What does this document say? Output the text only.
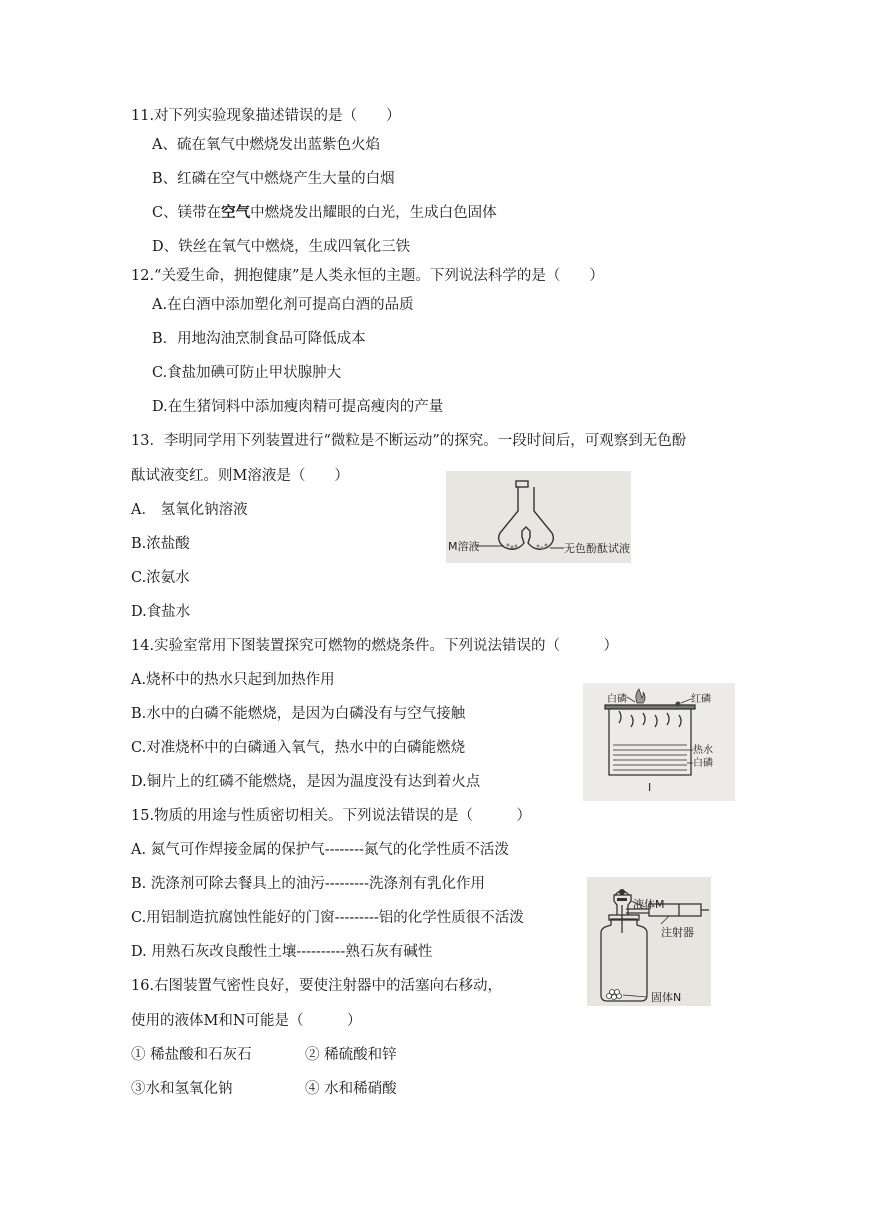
11.对下列实验现象描述错误的是（　　）
A、硫在氧气中燃烧发出蓝紫色火焰
B、红磷在空气中燃烧产生大量的白烟
C、镁带在空气中燃烧发出耀眼的白光，生成白色固体
D、铁丝在氧气中燃烧，生成四氧化三铁
12.“关爱生命，拥抱健康”是人类永恒的主题。下列说法科学的是（　　）
A.在白酒中添加塑化剂可提高白酒的品质
B．用地沟油烹制食品可降低成本
C.食盐加碘可防止甲状腺肿大
D.在生猪饲料中添加瘦肉精可提高瘦肉的产量
13．李明同学用下列装置进行“微粒是不断运动”的探究。一段时间后，可观察到无色酚
酞试液变红。则M溶液是（　　）
A． 氢氧化钠溶液
B.浓盐酸
C.浓氨水
D.食盐水
M溶液	无色酚酞试液
14.实验室常用下图装置探究可燃物的燃烧条件。下列说法错误的（　　　）
A.烧杯中的热水只起到加热作用
B.水中的白磷不能燃烧，是因为白磷没有与空气接触
C.对准烧杯中的白磷通入氧气，热水中的白磷能燃烧
D.铜片上的红磷不能燃烧，是因为温度没有达到着火点
白磷	红磷
热水
白磷
I
15.物质的用途与性质密切相关。下列说法错误的是（　　　）
A. 氮气可作焊接金属的保护气--------氮气的化学性质不活泼
B. 洗涤剂可除去餐具上的油污---------洗涤剂有乳化作用
C.用铝制造抗腐蚀性能好的门窗---------铝的化学性质很不活泼
D. 用熟石灰改良酸性土壤----------熟石灰有碱性
16.右图装置气密性良好，要使注射器中的活塞向右移动，
使用的液体M和N可能是（　　　）
① 稀盐酸和石灰石	② 稀硫酸和锌
③水和氢氧化钠	④ 水和稀硝酸
液体M
注射器
固体N
